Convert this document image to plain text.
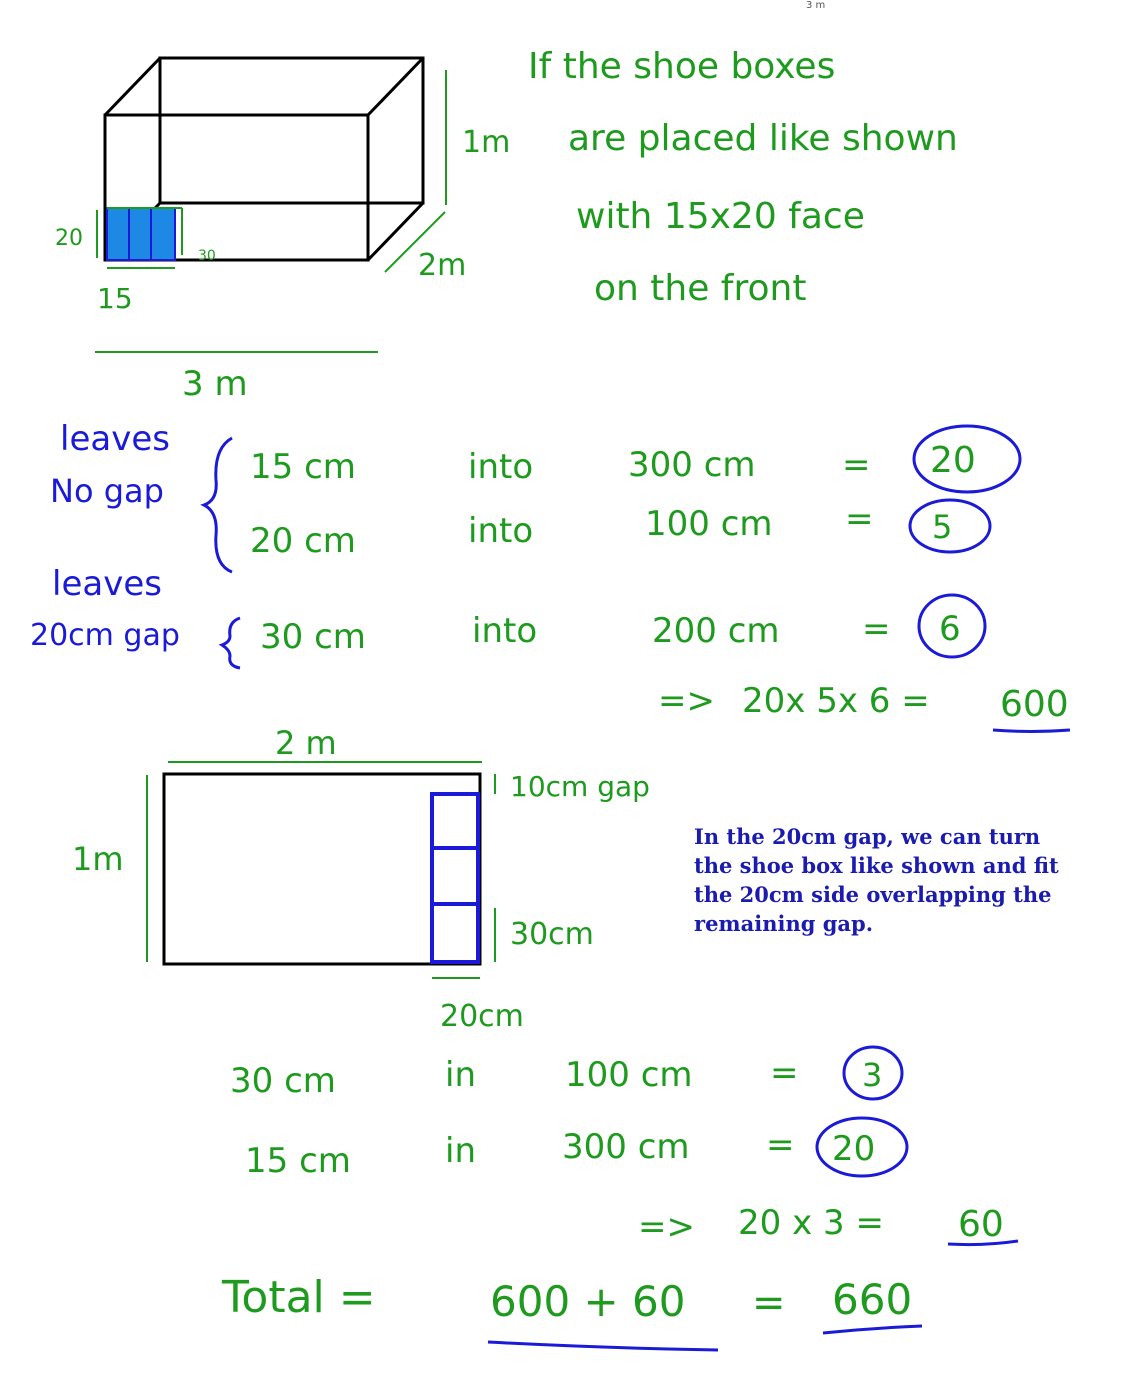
3 m
1m
2m
3 m
20
15
30
If the shoe boxes
are placed like shown
with 15x20 face
on the front
leaves
No gap
leaves
20cm gap
15 cm	into	300 cm	= 20
20 cm	into	100 cm = 5
30 cm	into	200 cm = 6
=> 20x 5x 6 = 600
2 m
1m
10cm gap
30cm
20cm
30 cm	in	100 cm = 3
15 cm	in	300 cm = 20
=> 20 x 3 = 60
Total =	600 + 60 = 660
In the 20cm gap, we can turn
the shoe box like shown and fit
the 20cm side overlapping the
remaining gap.
